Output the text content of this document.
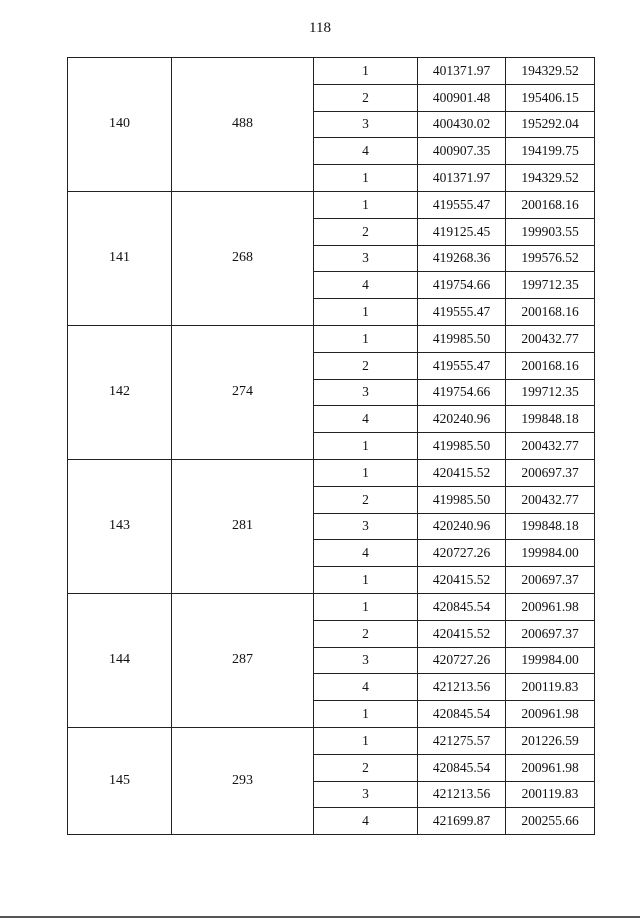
118
140	488	1	401371.97	194329.52
		2	400901.48	195406.15
		3	400430.02	195292.04
		4	400907.35	194199.75
		1	401371.97	194329.52
141	268	1	419555.47	200168.16
		2	419125.45	199903.55
		3	419268.36	199576.52
		4	419754.66	199712.35
		1	419555.47	200168.16
142	274	1	419985.50	200432.77
		2	419555.47	200168.16
		3	419754.66	199712.35
		4	420240.96	199848.18
		1	419985.50	200432.77
143	281	1	420415.52	200697.37
		2	419985.50	200432.77
		3	420240.96	199848.18
		4	420727.26	199984.00
		1	420415.52	200697.37
144	287	1	420845.54	200961.98
		2	420415.52	200697.37
		3	420727.26	199984.00
		4	421213.56	200119.83
		1	420845.54	200961.98
145	293	1	421275.57	201226.59
		2	420845.54	200961.98
		3	421213.56	200119.83
		4	421699.87	200255.66
